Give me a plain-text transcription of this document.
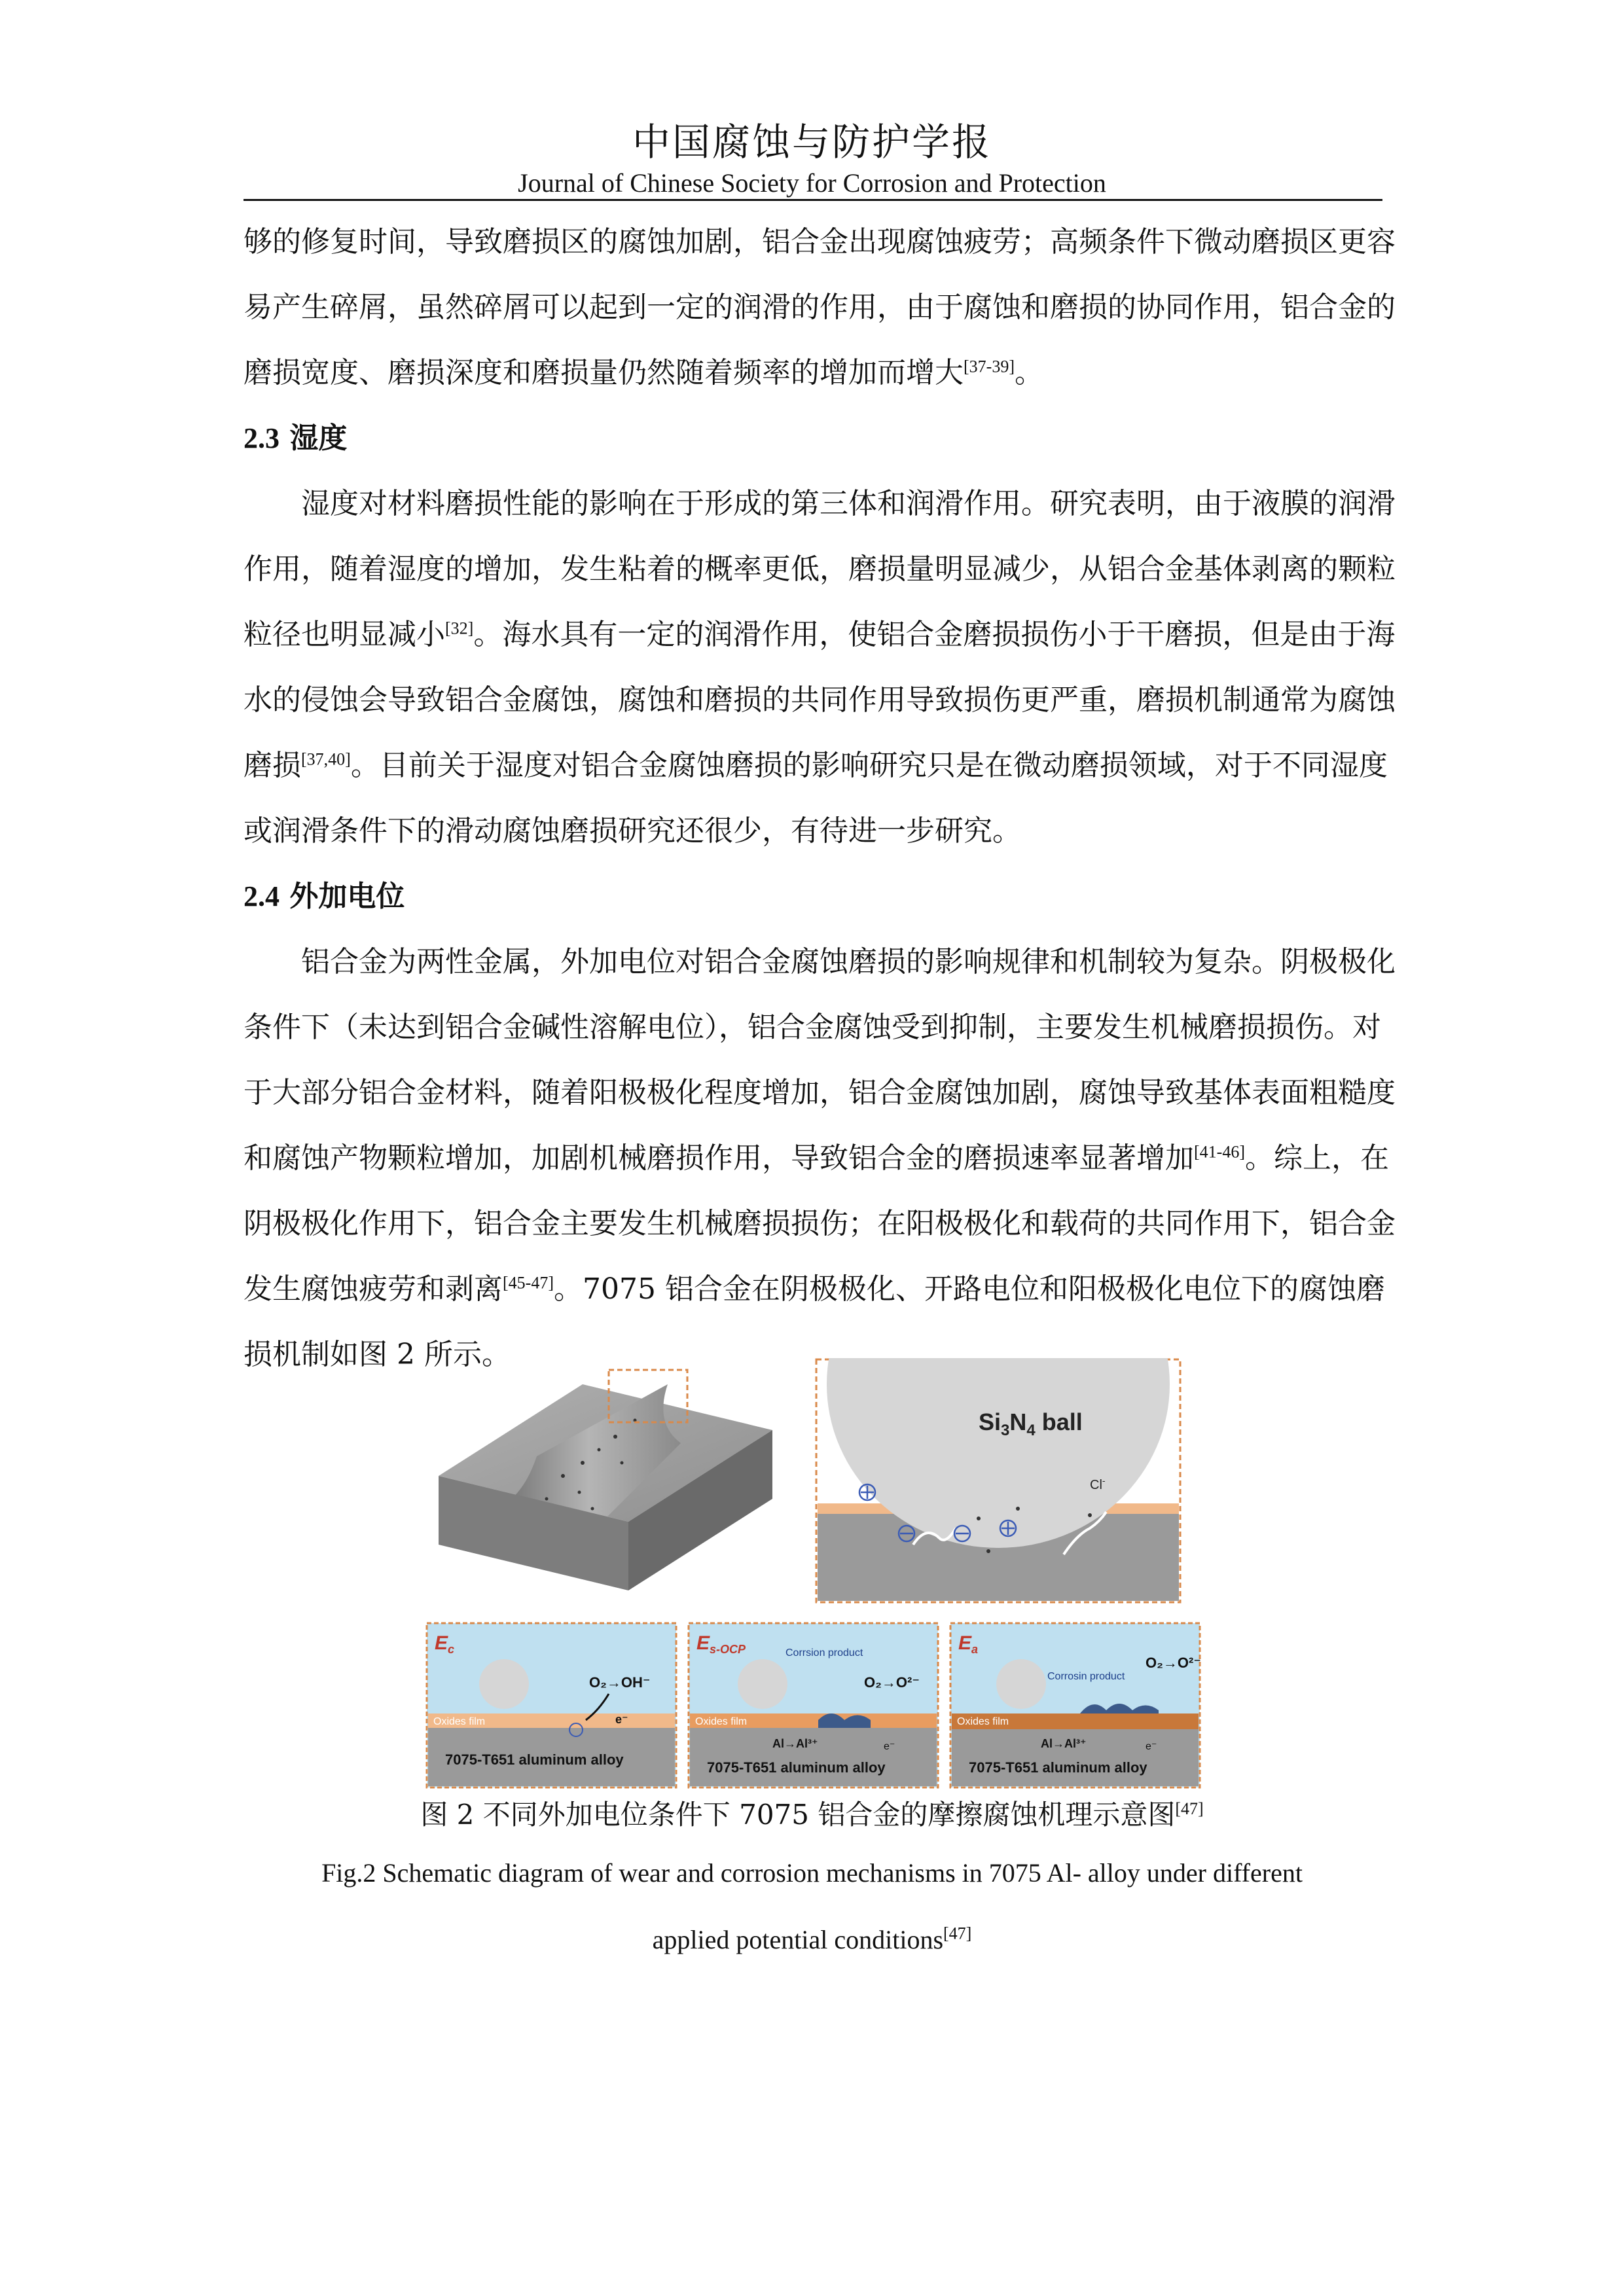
中国腐蚀与防护学报
Journal of Chinese Society for Corrosion and Protection

够的修复时间，导致磨损区的腐蚀加剧，铝合金出现腐蚀疲劳；高频条件下微动磨损区更容
易产生碎屑，虽然碎屑可以起到一定的润滑的作用，由于腐蚀和磨损的协同作用，铝合金的
磨损宽度、磨损深度和磨损量仍然随着频率的增加而增大[37-39]。

2.3 湿度

湿度对材料磨损性能的影响在于形成的第三体和润滑作用。研究表明，由于液膜的润滑
作用，随着湿度的增加，发生粘着的概率更低，磨损量明显减少，从铝合金基体剥离的颗粒
粒径也明显减小[32]。海水具有一定的润滑作用，使铝合金磨损损伤小于干磨损，但是由于海
水的侵蚀会导致铝合金腐蚀，腐蚀和磨损的共同作用导致损伤更严重，磨损机制通常为腐蚀
磨损[37,40]。目前关于湿度对铝合金腐蚀磨损的影响研究只是在微动磨损领域，对于不同湿度
或润滑条件下的滑动腐蚀磨损研究还很少，有待进一步研究。

2.4 外加电位

铝合金为两性金属，外加电位对铝合金腐蚀磨损的影响规律和机制较为复杂。阴极极化
条件下（未达到铝合金碱性溶解电位），铝合金腐蚀受到抑制，主要发生机械磨损损伤。对
于大部分铝合金材料，随着阳极极化程度增加，铝合金腐蚀加剧，腐蚀导致基体表面粗糙度
和腐蚀产物颗粒增加，加剧机械磨损作用，导致铝合金的磨损速率显著增加[41-46]。综上，在
阴极极化作用下，铝合金主要发生机械磨损损伤；在阳极极化和载荷的共同作用下，铝合金
发生腐蚀疲劳和剥离[45-47]。7075 铝合金在阴极极化、开路电位和阳极极化电位下的腐蚀磨
损机制如图 2 所示。

$Si_3N_4$ ball
Cl-
$E_c$
O₂→OH⁻
Oxides film	e⁻
7075-T651 aluminum alloy
$E_{s-OCP}$	Corrsion product
O₂→O²⁻
Oxides film
Al→Al³⁺	e⁻
7075-T651 aluminum alloy
$E_a$
Corrosin product
O₂→O²⁻
Oxides film
Al→Al³⁺	e⁻
7075-T651 aluminum alloy
图 2 不同外加电位条件下 7075 铝合金的摩擦腐蚀机理示意图[47]
Fig.2 Schematic diagram of wear and corrosion mechanisms in 7075 Al- alloy under different
applied potential conditions[47]
